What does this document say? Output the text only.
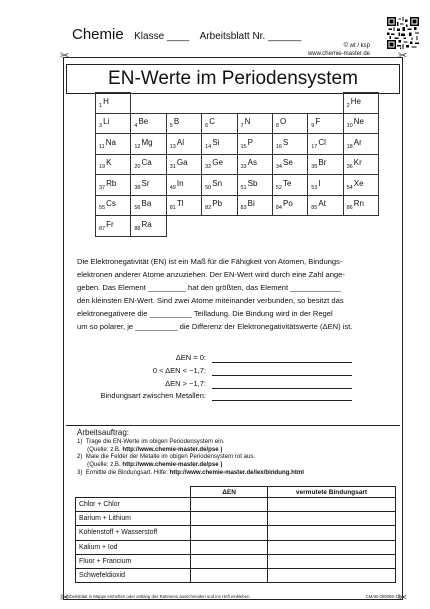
Chemie Klasse ____ Arbeitsblatt Nr. ______
© wt / ksp
www.chemie-master.de
✂	✂
✂	✂
EN-Werte im Periodensystem
$_1$H							$_2$He
$_3$Li	$_4$Be	$_5$B	$_6$C	$_7$N	$_8$O	$_9$F	$_{10}$Ne
$_{11}$Na	$_{12}$Mg	$_{13}$Al	$_{14}$Si	$_{15}$P	$_{16}$S	$_{17}$Cl	$_{18}$Ar
$_{19}$K	$_{20}$Ca	$_{31}$Ga	$_{32}$Ge	$_{33}$As	$_{34}$Se	$_{35}$Br	$_{36}$Kr
$_{37}$Rb	$_{38}$Sr	$_{49}$In	$_{50}$Sn	$_{51}$Sb	$_{52}$Te	$_{53}$I	$_{54}$Xe
$_{55}$Cs	$_{56}$Ba	$_{81}$Tl	$_{82}$Pb	$_{83}$Bi	$_{84}$Po	$_{85}$At	$_{86}$Rn
$_{87}$Fr	$_{88}$Ra						
Die Elektronegativität (EN) ist ein Maß für die Fähigkeit von Atomen, Bindungs-
elektronen anderer Atome anzuziehen. Der EN-Wert wird durch eine Zahl ange-
geben. Das Element _________ hat den größten, das Element ____________
den kleinsten EN-Wert. Sind zwei Atome miteinander verbunden, so besitzt das
elektronegativere die __________ Teilladung. Die Bindung wird in der Regel
um so polarer, je __________ die Differenz der Elektronegativitätswerte (ΔEN) ist.
ΔEN = 0:
0 < ΔEN < ~1,7:
ΔEN > ~1,7:
Bindungsart zwischen Metallen:
Arbeitsauftrag:
1)  Trage die EN-Werte im obigen Periodensystem ein.
(Quelle: z.B. http://www.chemie-master.de/pse )
2)  Male die Felder der Metalle im obigen Periodensystem rot aus.
(Quelle: z.B. http://www.chemie-master.de/pse )
3)  Ermittle die Bindungsart. Hilfe: http://www.chemie-master.de/lex/bindung.html
	ΔEN	vermutete Bindungsart
Chlor + Chlor		
Barium + Lithium		
Kohlenstoff + Wasserstoff		
Kalium + Iod		
Fluor + Francium		
Schwefeldioxid		
Arbeitsblatt in Mappe einheften oder entlang des Rahmens ausschneiden und ins Heft einkleben.	CMAB-000069-15
